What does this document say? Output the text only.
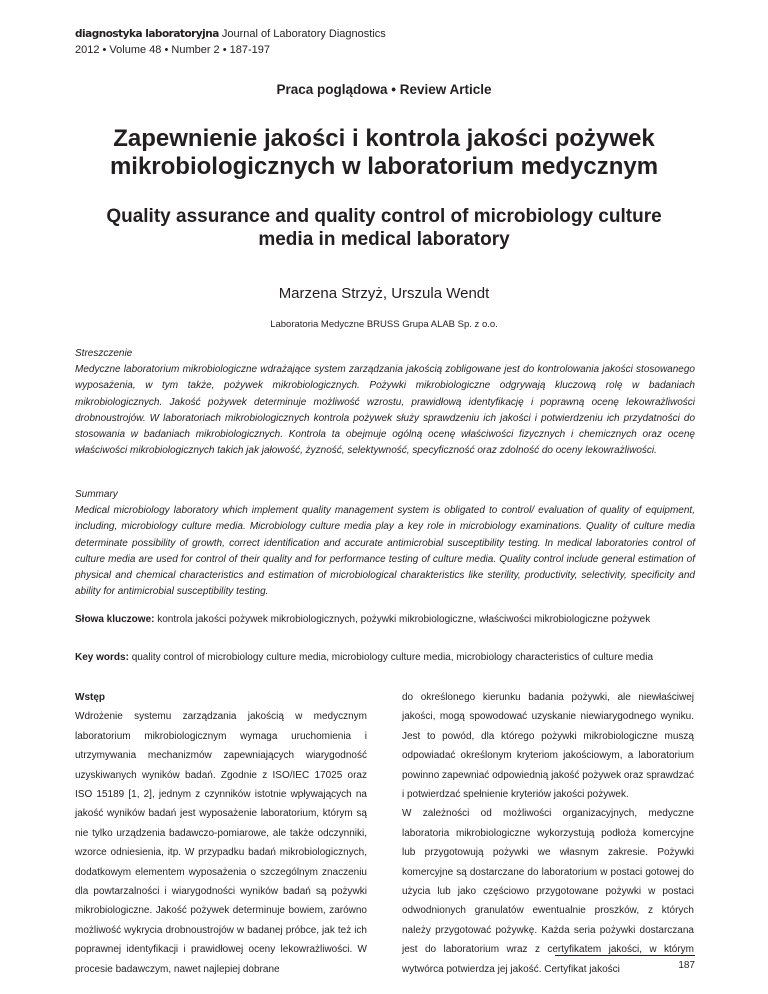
diagnostyka laboratoryjna Journal of Laboratory Diagnostics
2012 • Volume 48 • Number 2 • 187-197
Praca poglądowa • Review Article
Zapewnienie jakości i kontrola jakości pożywek mikrobiologicznych w laboratorium medycznym
Quality assurance and quality control of microbiology culture media in medical laboratory
Marzena Strzyż, Urszula Wendt
Laboratoria Medyczne BRUSS Grupa ALAB Sp. z o.o.

Streszczenie

Medyczne laboratorium mikrobiologiczne wdrażające system zarządzania jakością zobligowane jest do kontrolowania jakości stosowanego wyposażenia, w tym także, pożywek mikrobiologicznych. Pożywki mikrobiologiczne odgrywają kluczową rolę w badaniach mikrobiologicznych. Jakość pożywek determinuje możliwość wzrostu, prawidłową identyfikację i poprawną ocenę lekowrażliwości drobnoustrojów. W laboratoriach mikrobiologicznych kontrola pożywek służy sprawdzeniu ich jakości i potwierdzeniu ich przydatności do stosowania w badaniach mikrobiologicznych. Kontrola ta obejmuje ogólną ocenę właściwości fizycznych i chemicznych oraz ocenę właściwości mikrobiologicznych takich jak jałowość, żyzność, selektywność, specyficzność oraz zdolność do oceny lekowrażliwości.

Summary

Medical microbiology laboratory which implement quality management system is obligated to control/ evaluation of quality of equipment, including, microbiology culture media. Microbiology culture media play a key role in microbiology examinations. Quality of culture media determinate possibility of growth, correct identification and accurate antimicrobial susceptibility testing. In medical laboratories control of culture media are used for control of their quality and for performance testing of culture media. Quality control include general estimation of physical and chemical characteristics and estimation of microbiological charakteristics like sterility, productivity, selectivity, specificity and ability for antimicrobial susceptibility testing.

Słowa kluczowe: kontrola jakości pożywek mikrobiologicznych, pożywki mikrobiologiczne, właściwości mikrobiologiczne pożywek
Key words: quality control of microbiology culture media, microbiology culture media, microbiology characteristics of culture media

Wstęp

Wdrożenie systemu zarządzania jakością w medycznym laboratorium mikrobiologicznym wymaga uruchomienia i utrzymywania mechanizmów zapewniających wiarygodność uzyskiwanych wyników badań. Zgodnie z ISO/IEC 17025 oraz ISO 15189 [1, 2], jednym z czynników istotnie wpływających na jakość wyników badań jest wyposażenie laboratorium, którym są nie tylko urządzenia badawczo-pomiarowe, ale także odczynniki, wzorce odniesienia, itp. W przypadku badań mikrobiologicznych, dodatkowym elementem wyposażenia o szczególnym znaczeniu dla powtarzalności i wiarygodności wyników badań są pożywki mikrobiologiczne. Jakość pożywek determinuje bowiem, zarówno możliwość wykrycia drobnoustrojów w badanej próbce, jak też ich poprawnej identyfikacji i prawidłowej oceny lekowrażliwości. W procesie badawczym, nawet najlepiej dobrane

do określonego kierunku badania pożywki, ale niewłaściwej jakości, mogą spowodować uzyskanie niewiarygodnego wyniku. Jest to powód, dla którego pożywki mikrobiologiczne muszą odpowiadać określonym kryteriom jakościowym, a laboratorium powinno zapewniać odpowiednią jakość pożywek oraz sprawdzać i potwierdzać spełnienie kryteriów jakości pożywek.

W zależności od możliwości organizacyjnych, medyczne laboratoria mikrobiologiczne wykorzystują podłoża komercyjne lub przygotowują pożywki we własnym zakresie. Pożywki komercyjne są dostarczane do laboratorium w postaci gotowej do użycia lub jako częściowo przygotowane pożywki w postaci odwodnionych granulatów ewentualnie proszków, z których należy przygotować pożywkę. Każda seria pożywki dostarczana jest do laboratorium wraz z certyfikatem jakości, w którym wytwórca potwierdza jej jakość. Certyfikat jakości	187
